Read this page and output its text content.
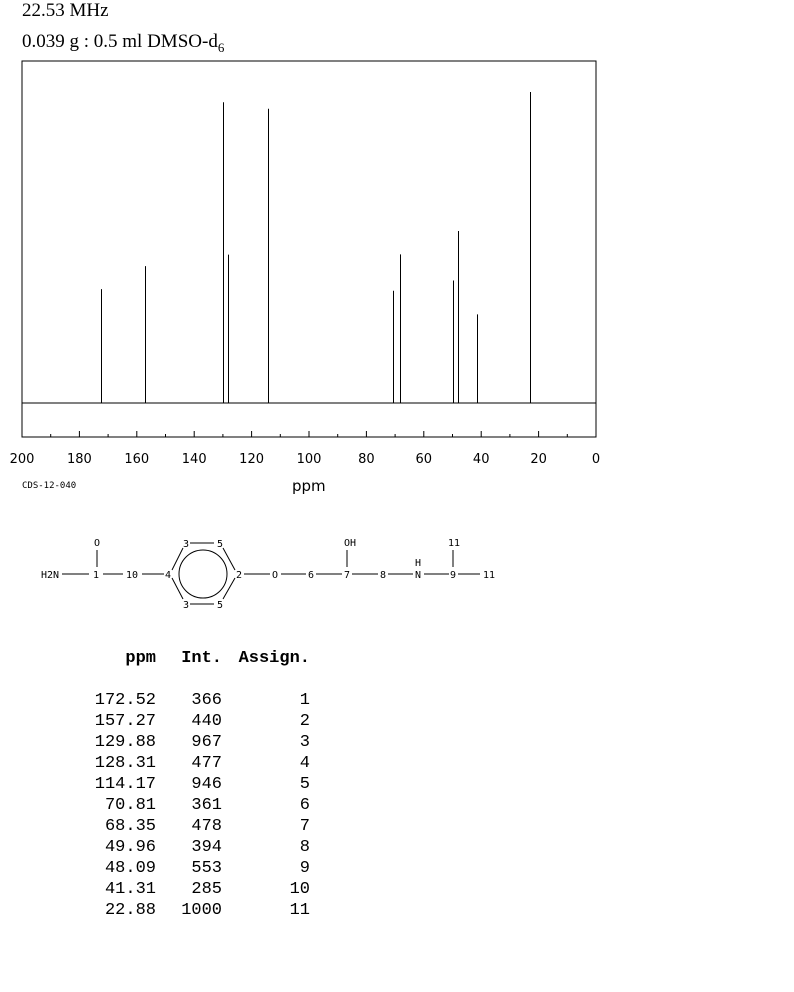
22.53 MHz
0.039 g : 0.5 ml DMSO-$d_6$
200	180	160	140	120	100	80	60	40	20	0
CDS-12-040	ppm
O
H2N	1	10	4
3	5
3	5
2	O	6
OH
7	8
H
N	9
11
11
ppm	Int.	Assign.

172.52	366	1
157.27	440	2
129.88	967	3
128.31	477	4
114.17	946	5
70.81	361	6
68.35	478	7
49.96	394	8
48.09	553	9
41.31	285	10
22.88	1000	11
